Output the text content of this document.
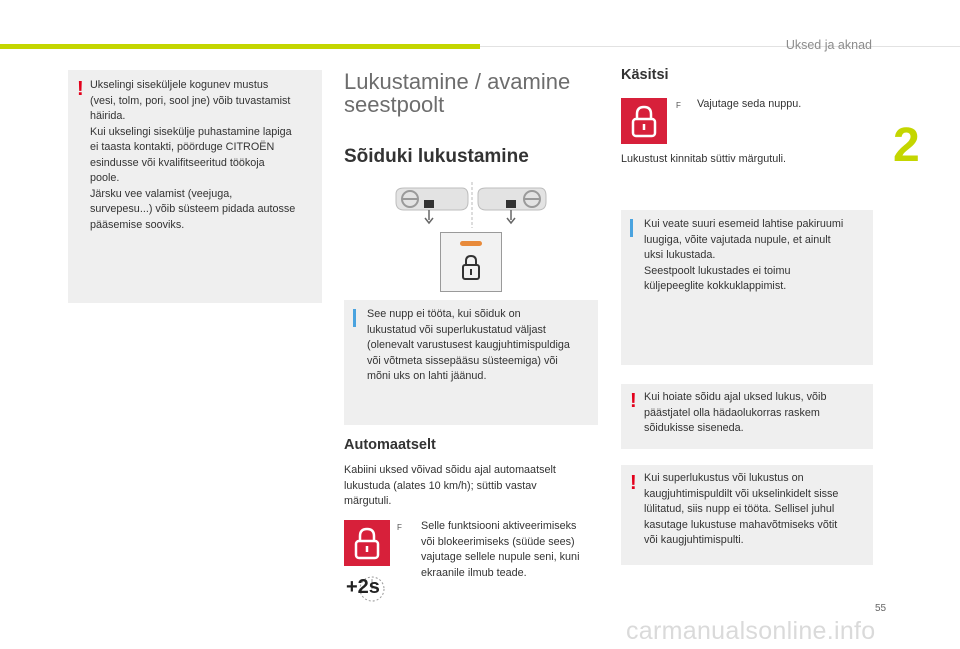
Uksed ja aknad
2
! Ukselingi siseküljele kogunev mustus
(vesi, tolm, pori, sool jne) võib tuvastamist
häirida.
Kui ukselingi sisekülje puhastamine lapiga
ei taasta kontakti, pöörduge CITROËN
esindusse või kvalifitseeritud töökoja
poole.
Järsku vee valamist (veejuga,
survepesu...) võib süsteem pidada autosse
pääsemise sooviks.
Lukustamine / avamine
seestpoolt
Sõiduki lukustamine
See nupp ei tööta, kui sõiduk on
lukustatud või superlukustatud väljast
(olenevalt varustusest kaugjuhtimispuldiga
või võtmeta sissepääsu süsteemiga) või
mõni uks on lahti jäänud.
Automaatselt
Kabiini uksed võivad sõidu ajal automaatselt
lukustuda (alates 10 km/h); süttib vastav
märgutuli.
+2s
F Selle funktsiooni aktiveerimiseks
või blokeerimiseks (süüde sees)
vajutage sellele nupule seni, kuni
ekraanile ilmub teade.
Käsitsi
F Vajutage seda nuppu.
Lukustust kinnitab süttiv märgutuli.
Kui veate suuri esemeid lahtise pakiruumi
luugiga, võite vajutada nupule, et ainult
uksi lukustada.
Seestpoolt lukustades ei toimu
küljepeeglite kokkuklappimist.
! Kui hoiate sõidu ajal uksed lukus, võib
päästjatel olla hädaolukorras raskem
sõidukisse siseneda.
! Kui superlukustus või lukustus on
kaugjuhtimispuldilt või ukselinkidelt sisse
lülitatud, siis nupp ei tööta. Sellisel juhul
kasutage lukustuse mahavõtmiseks võtit
või kaugjuhtimispulti.
55
carmanualsonline.info
